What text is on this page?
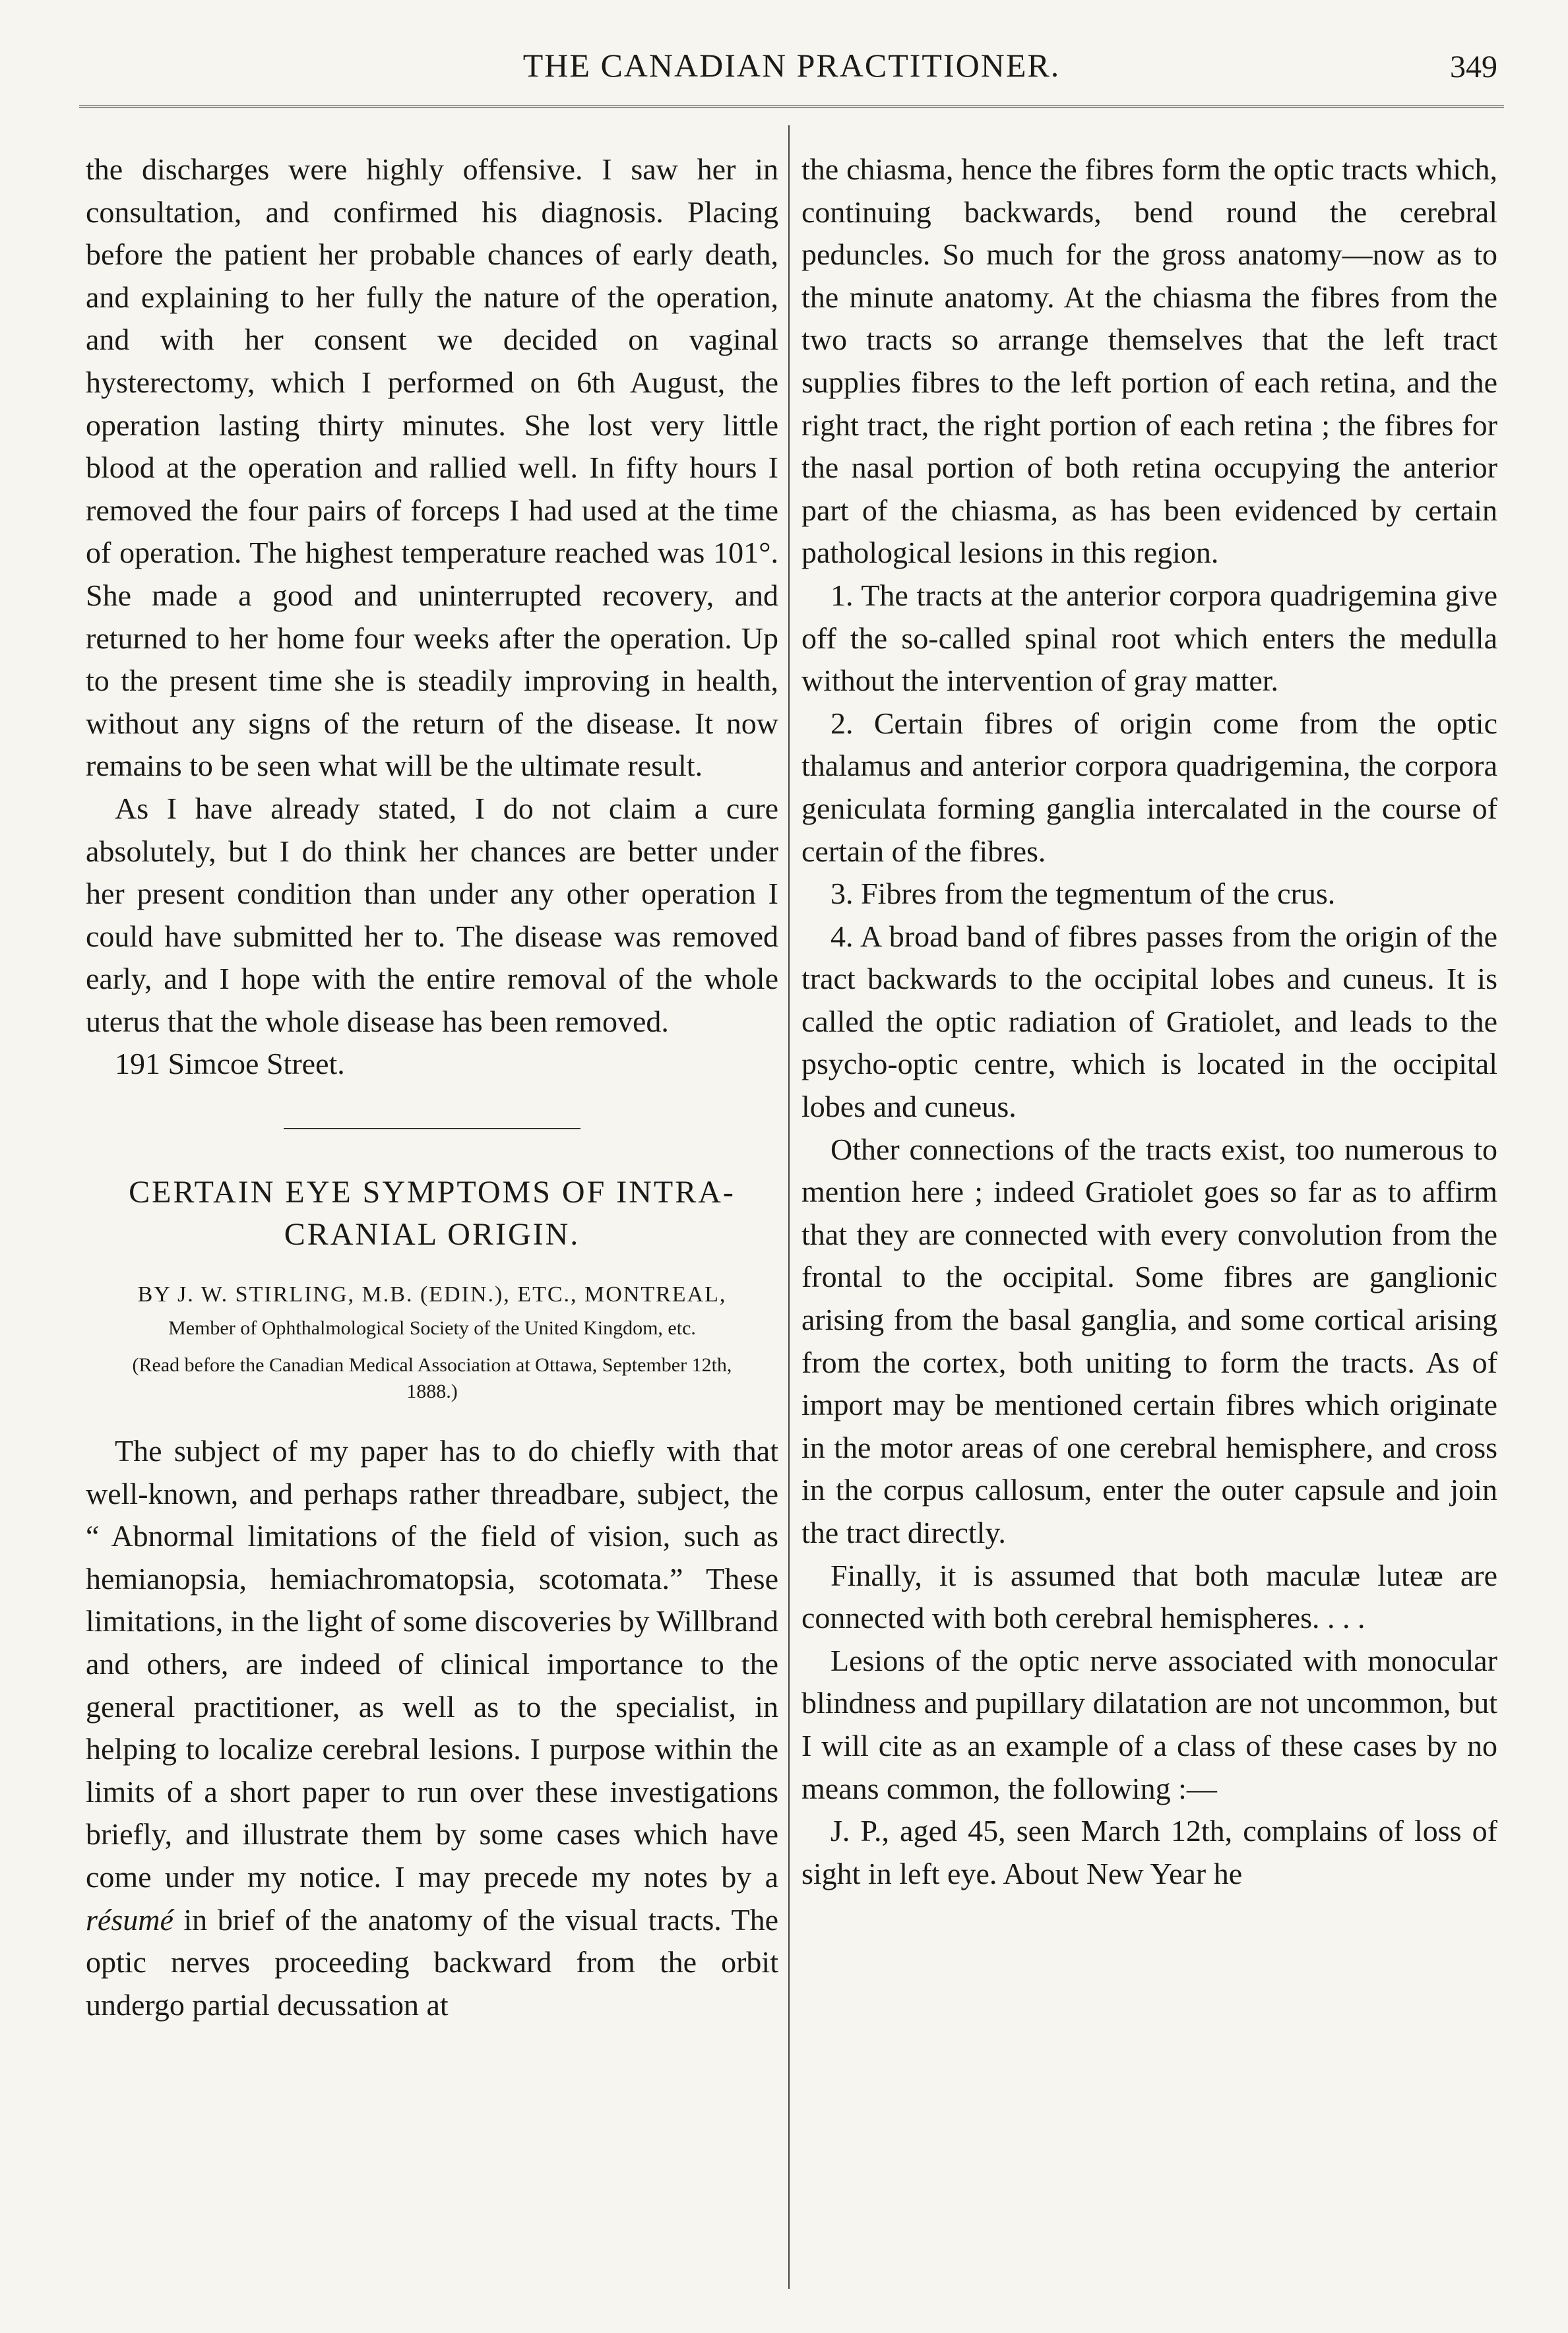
THE CANADIAN PRACTITIONER.	349

the discharges were highly offensive. I saw her in consultation, and confirmed his diagnosis. Placing before the patient her probable chances of early death, and explaining to her fully the nature of the operation, and with her consent we decided on vaginal hysterectomy, which I performed on 6th August, the operation lasting thirty minutes. She lost very little blood at the operation and rallied well. In fifty hours I removed the four pairs of forceps I had used at the time of operation. The highest temperature reached was 101°. She made a good and uninterrupted recovery, and returned to her home four weeks after the operation. Up to the present time she is steadily improving in health, without any signs of the return of the disease. It now remains to be seen what will be the ultimate result.

As I have already stated, I do not claim a cure absolutely, but I do think her chances are better under her present condition than under any other operation I could have submitted her to. The disease was removed early, and I hope with the entire removal of the whole uterus that the whole disease has been removed.

191 Simcoe Street.

CERTAIN EYE SYMPTOMS OF INTRA-CRANIAL ORIGIN.
BY J. W. STIRLING, M.B. (EDIN.), ETC., MONTREAL,
Member of Ophthalmological Society of the United Kingdom, etc.
(Read before the Canadian Medical Association at Ottawa, September 12th, 1888.)

The subject of my paper has to do chiefly with that well-known, and perhaps rather threadbare, subject, the “ Abnormal limitations of the field of vision, such as hemianopsia, hemiachromatopsia, scotomata.” These limitations, in the light of some discoveries by Willbrand and others, are indeed of clinical importance to the general practitioner, as well as to the specialist, in helping to localize cerebral lesions. I purpose within the limits of a short paper to run over these investigations briefly, and illustrate them by some cases which have come under my notice. I may precede my notes by a résumé in brief of the anatomy of the visual tracts. The optic nerves proceeding backward from the orbit undergo partial decussation at

the chiasma, hence the fibres form the optic tracts which, continuing backwards, bend round the cerebral peduncles. So much for the gross anatomy—now as to the minute anatomy. At the chiasma the fibres from the two tracts so arrange themselves that the left tract supplies fibres to the left portion of each retina, and the right tract, the right portion of each retina ; the fibres for the nasal portion of both retina occupying the anterior part of the chiasma, as has been evidenced by certain pathological lesions in this region.

1. The tracts at the anterior corpora quadrigemina give off the so-called spinal root which enters the medulla without the intervention of gray matter.

2. Certain fibres of origin come from the optic thalamus and anterior corpora quadrigemina, the corpora geniculata forming ganglia intercalated in the course of certain of the fibres.

3. Fibres from the tegmentum of the crus.

4. A broad band of fibres passes from the origin of the tract backwards to the occipital lobes and cuneus. It is called the optic radiation of Gratiolet, and leads to the psycho-optic centre, which is located in the occipital lobes and cuneus.

Other connections of the tracts exist, too numerous to mention here ; indeed Gratiolet goes so far as to affirm that they are connected with every convolution from the frontal to the occipital. Some fibres are ganglionic arising from the basal ganglia, and some cortical arising from the cortex, both uniting to form the tracts. As of import may be mentioned certain fibres which originate in the motor areas of one cerebral hemisphere, and cross in the corpus callosum, enter the outer capsule and join the tract directly.

Finally, it is assumed that both maculæ luteæ are connected with both cerebral hemispheres. . . .

Lesions of the optic nerve associated with monocular blindness and pupillary dilatation are not uncommon, but I will cite as an example of a class of these cases by no means common, the following :—

J. P., aged 45, seen March 12th, complains of loss of sight in left eye. About New Year he
